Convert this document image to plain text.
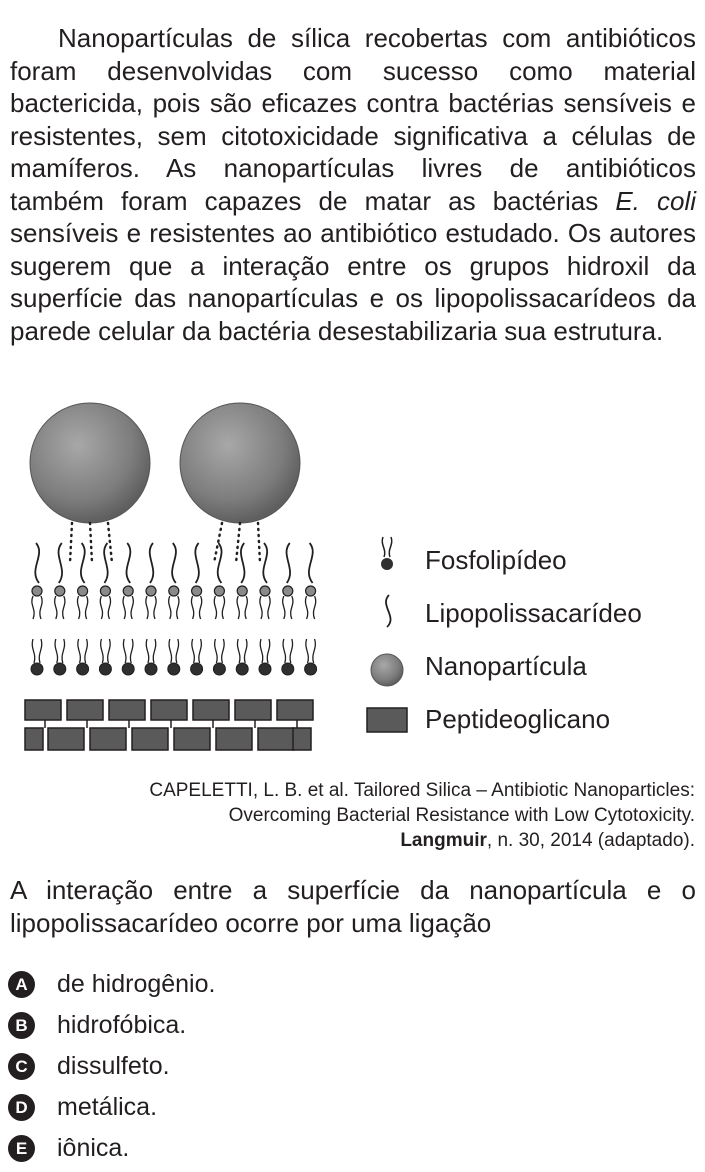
Nanopartículas de sílica recobertas com antibióticos foram desenvolvidas com sucesso como material bactericida, pois são eficazes contra bactérias sensíveis e resistentes, sem citotoxicidade significativa a células de mamíferos. As nanopartículas livres de antibióticos também foram capazes de matar as bactérias E. coli sensíveis e resistentes ao antibiótico estudado. Os autores sugerem que a interação entre os grupos hidroxil da superfície das nanopartículas e os lipopolissacarídeos da parede celular da bactéria desestabilizaria sua estrutura.

Fosfolipídeo
Lipopolissacarídeo
Nanopartícula
Peptideoglicano
CAPELETTI, L. B. et al. Tailored Silica – Antibiotic Nanoparticles:
Overcoming Bacterial Resistance with Low Cytotoxicity.
Langmuir, n. 30, 2014 (adaptado).

A interação entre a superfície da nanopartícula e o lipopolissacarídeo ocorre por uma ligação

A de hidrogênio.
B hidrofóbica.
C dissulfeto.
D metálica.
E	iônica.
